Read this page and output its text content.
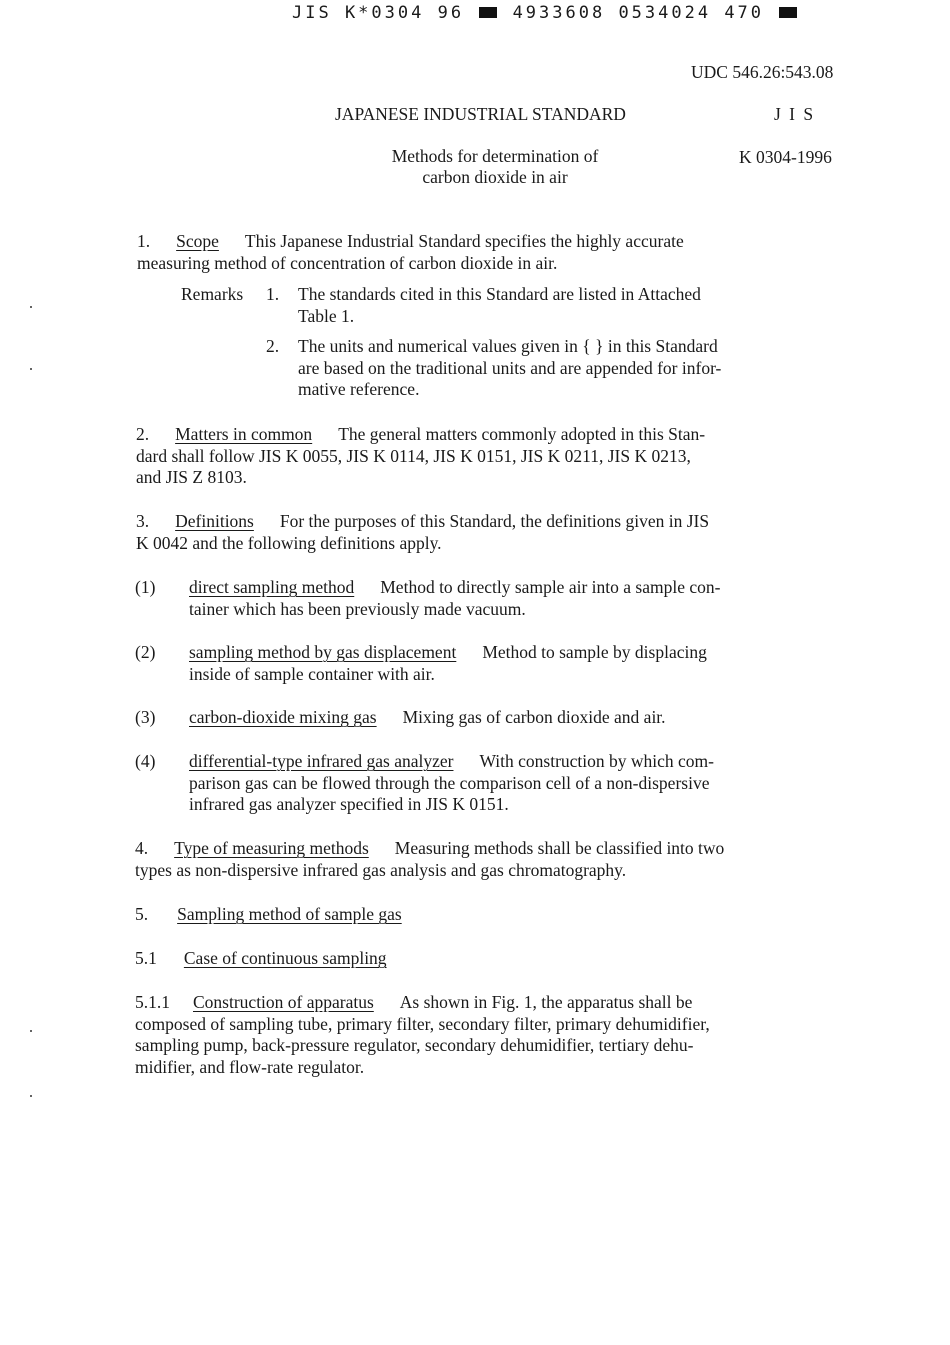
JIS K*0304 96	4933608 0534024 470
UDC 546.26:543.08
JAPANESE INDUSTRIAL STANDARD	J I S
Methods for determination of
carbon dioxide in air
K 0304-1996
1. Scope This Japanese Industrial Standard specifies the highly accurate
measuring method of concentration of carbon dioxide in air.
Remarks 1. The standards cited in this Standard are listed in Attached
Table 1.
2. The units and numerical values given in { } in this Standard
are based on the traditional units and are appended for infor-
mative reference.
2. Matters in common The general matters commonly adopted in this Stan-
dard shall follow JIS K 0055, JIS K 0114, JIS K 0151, JIS K 0211, JIS K 0213,
and JIS Z 8103.
3. Definitions For the purposes of this Standard, the definitions given in JIS
K 0042 and the following definitions apply.
(1) direct sampling method Method to directly sample air into a sample con-
tainer which has been previously made vacuum.
(2) sampling method by gas displacement Method to sample by displacing
inside of sample container with air.
(3) carbon-dioxide mixing gas Mixing gas of carbon dioxide and air.
(4) differential-type infrared gas analyzer With construction by which com-
parison gas can be flowed through the comparison cell of a non-dispersive
infrared gas analyzer specified in JIS K 0151.
4. Type of measuring methods Measuring methods shall be classified into two
types as non-dispersive infrared gas analysis and gas chromatography.
5. Sampling method of sample gas
5.1 Case of continuous sampling
5.1.1 Construction of apparatus As shown in Fig. 1, the apparatus shall be
composed of sampling tube, primary filter, secondary filter, primary dehumidifier,
sampling pump, back-pressure regulator, secondary dehumidifier, tertiary dehu-
midifier, and flow-rate regulator.
